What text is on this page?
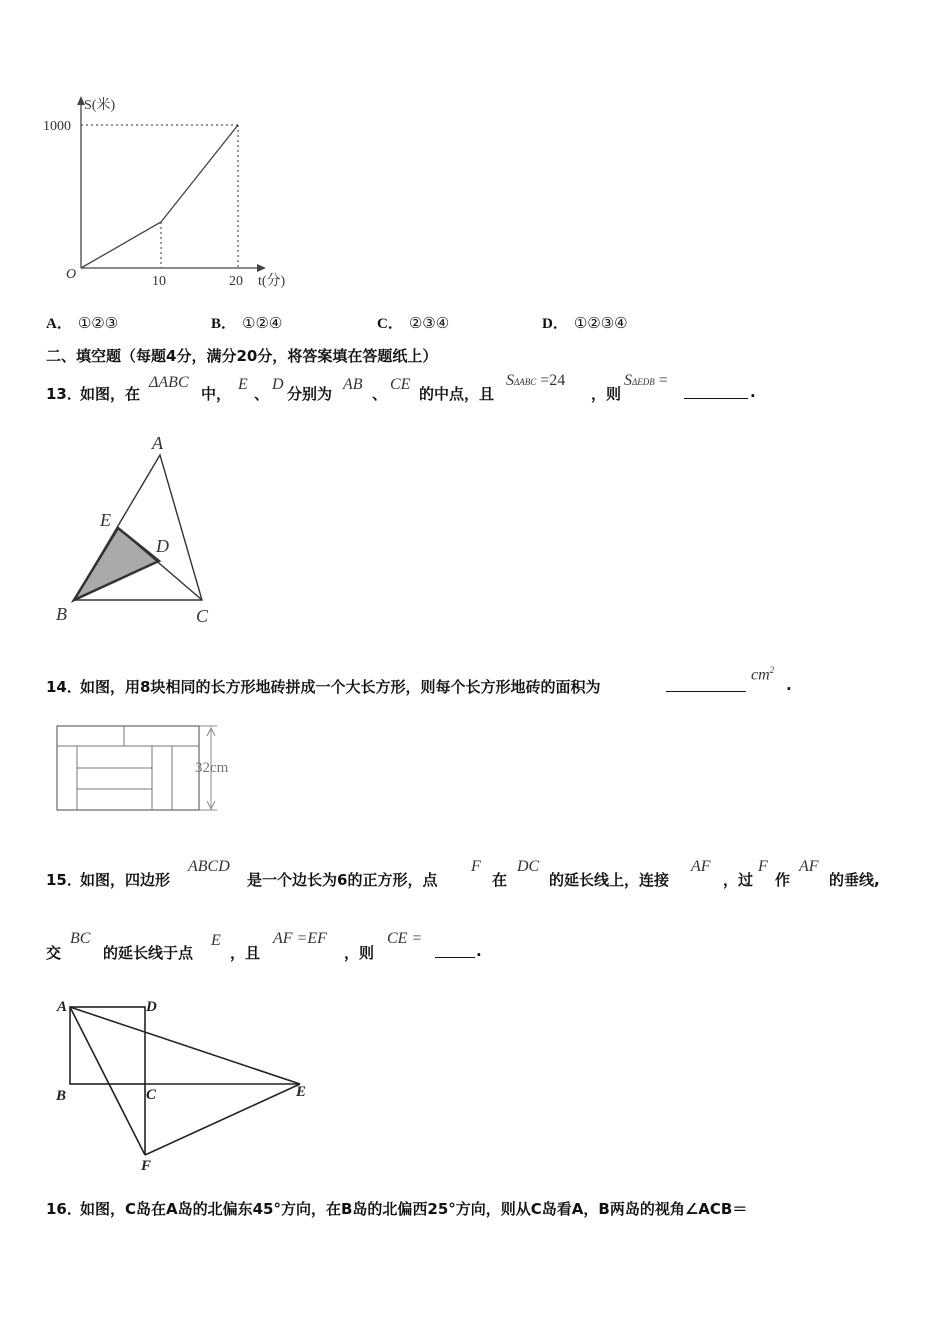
S(米)
1000
O	10	20 t(分)
A． ①②③	B． ①②④	C． ②③④	D． ①②③④
二、填空题（每题4分，满分20分，将答案填在答题纸上）
13．
如图，在
ΔABC
中，
E
、
D
分别为
AB
、
CE
的中点，且
SΔABC =24
，则
SΔEDB =
.
A
E
D
B	C
14．
如图，用8块相同的长方形地砖拼成一个大长方形，则每个长方形地砖的面积为
$cm^2$
.
32cm
15．
如图，四边形
ABCD
是一个边长为6的正方形，点
F
在
DC
的延长线上，连接
AF
，过
F
作
AF
的垂线,
交
BC
的延长线于点
E
，且
AF =EF
，则
CE =
.
A	D
B	C	E
F
16．
如图，C岛在A岛的北偏东45°方向，在B岛的北偏西25°方向，则从C岛看A，B两岛的视角∠ACB＝
